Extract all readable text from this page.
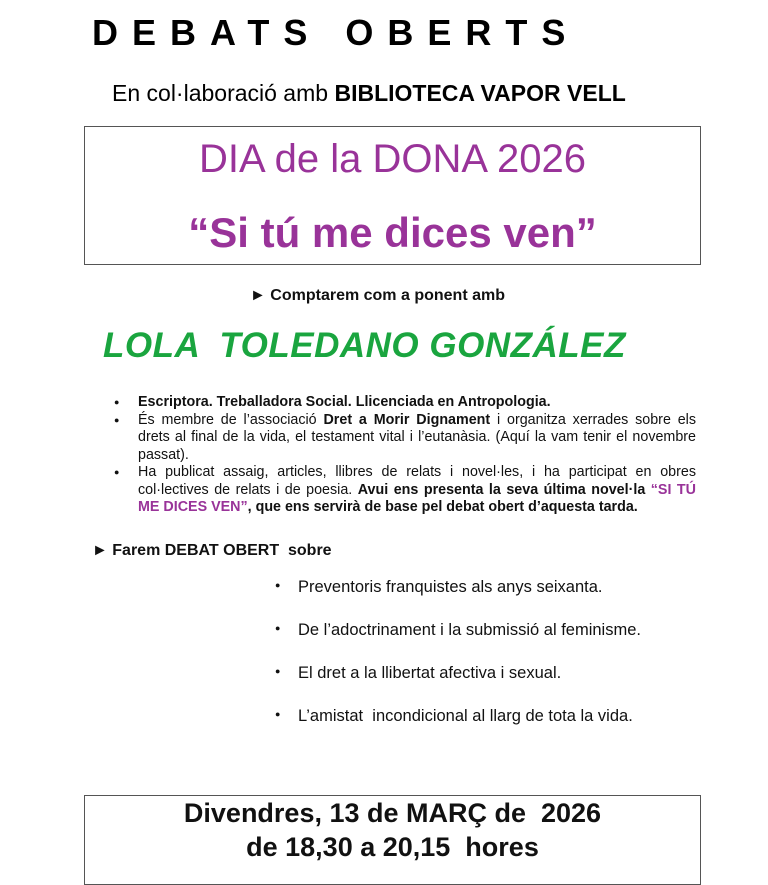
DEBATS OBERTS
En col·laboració amb BIBLIOTECA VAPOR VELL
DIA de la DONA 2026
“Si tú me dices ven”
► Comptarem com a ponent amb
LOLA  TOLEDANO GONZÁLEZ
● Escriptora. Treballadora Social. Llicenciada en Antropologia.
● És membre de l’associació Dret a Morir Dignament i organitza xerrades sobre els drets al final de la vida, el testament vital i l’eutanàsia. (Aquí la vam tenir el novembre passat).
● Ha publicat assaig, articles, llibres de relats i novel·les, i ha participat en obres col·lectives de relats i de poesia. Avui ens presenta la seva última novel·la “SI TÚ ME DICES VEN”, que ens servirà de base pel debat obert d’aquesta tarda.
► Farem DEBAT OBERT  sobre
● Preventoris franquistes als anys seixanta.
● De l’adoctrinament i la submissió al feminisme.
● El dret a la llibertat afectiva i sexual.
● L’amistat  incondicional al llarg de tota la vida.
Divendres, 13 de MARÇ de  2026
de 18,30 a 20,15  hores
